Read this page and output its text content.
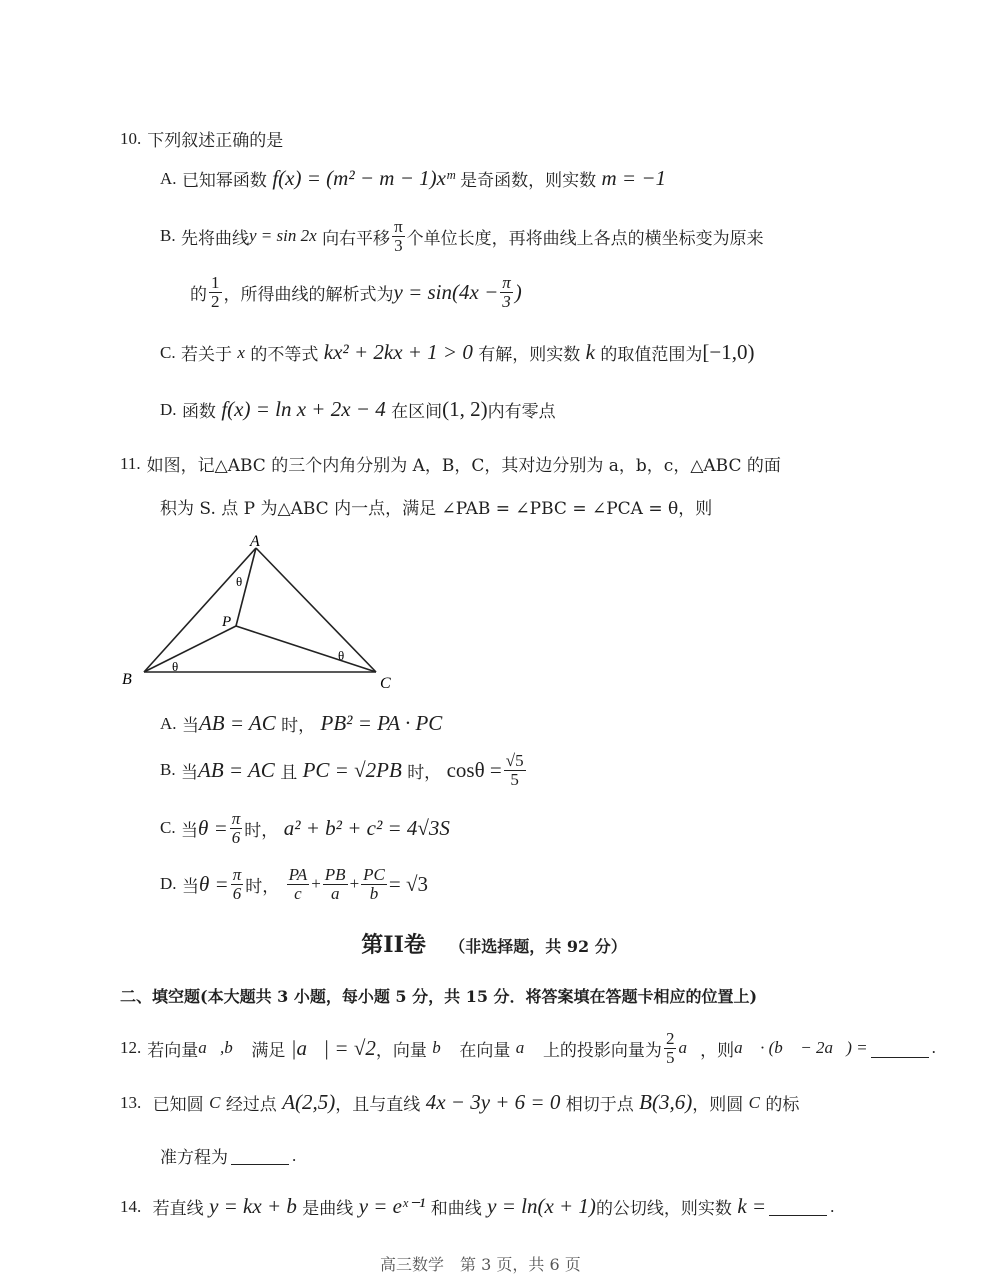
10. 下列叙述正确的是
A.
已知幂函数
f(x) = (m² − m − 1)xᵐ
是奇函数，则实数
m = −1
B.
先将曲线 y = sin 2x
向右平移 $\frac{\pi}{3}$ 个单位长度，再将曲线上各点的横坐标变为原来
的 $\frac{1}{2}$ ，所得曲线的解析式为 $y = \sin(4x - \frac{\pi}{3}$ )
C.
若关于
x
的不等式
kx² + 2kx + 1 > 0
有解，则实数
k
的取值范围为 [−1,0)
D.
函数
f(x) = ln x + 2x − 4
在区间 (1, 2) 内有零点
11. 如图，记△ABC 的三个内角分别为 A，B，C，其对边分别为 a，b，c，△ABC 的面
积为 S. 点 P 为△ABC 内一点，满足 ∠PAB = ∠PBC = ∠PCA = θ，则
A
B	C
P
θ
θ
θ
A.
当 AB = AC
时，
PB² = PA · PC
B.
当 AB = AC
且
PC = √2PB
时，
$\cos\theta = \frac{√5}{5}$
C.
当 $\theta = \frac{\pi}{6}$ 时，
a² + b² + c² = 4√3S
D.
当 $\theta = \frac{\pi}{6}$ 时，
$\frac{PA}{c} + \frac{PB}{a} + \frac{PC}{b} = √3$
第II卷 （非选择题，共 92 分）
二、填空题(本大题共 3 小题，每小题 5 分，共 15 分．将答案填在答题卡相应的位置上)
12. 若向量 a⃗,b⃗
满足
|a⃗| = √2 ，向量
b⃗
在向量
a⃗
上的投影向量为 $\frac{2}{5}$ a⃗ ，则 a⃗ · (b⃗ − 2a⃗) =	.
13.
已知圆
C
经过点
A(2,5) ，且与直线
4x − 3y + 6 = 0
相切于点
B(3,6) ，则圆
C
的标
准方程为	.
14.
若直线
y = kx + b
是曲线
y = eˣ⁻¹
和曲线
y = ln(x + 1) 的公切线，则实数
k =	.
高三数学　第 3 页，共 6 页
